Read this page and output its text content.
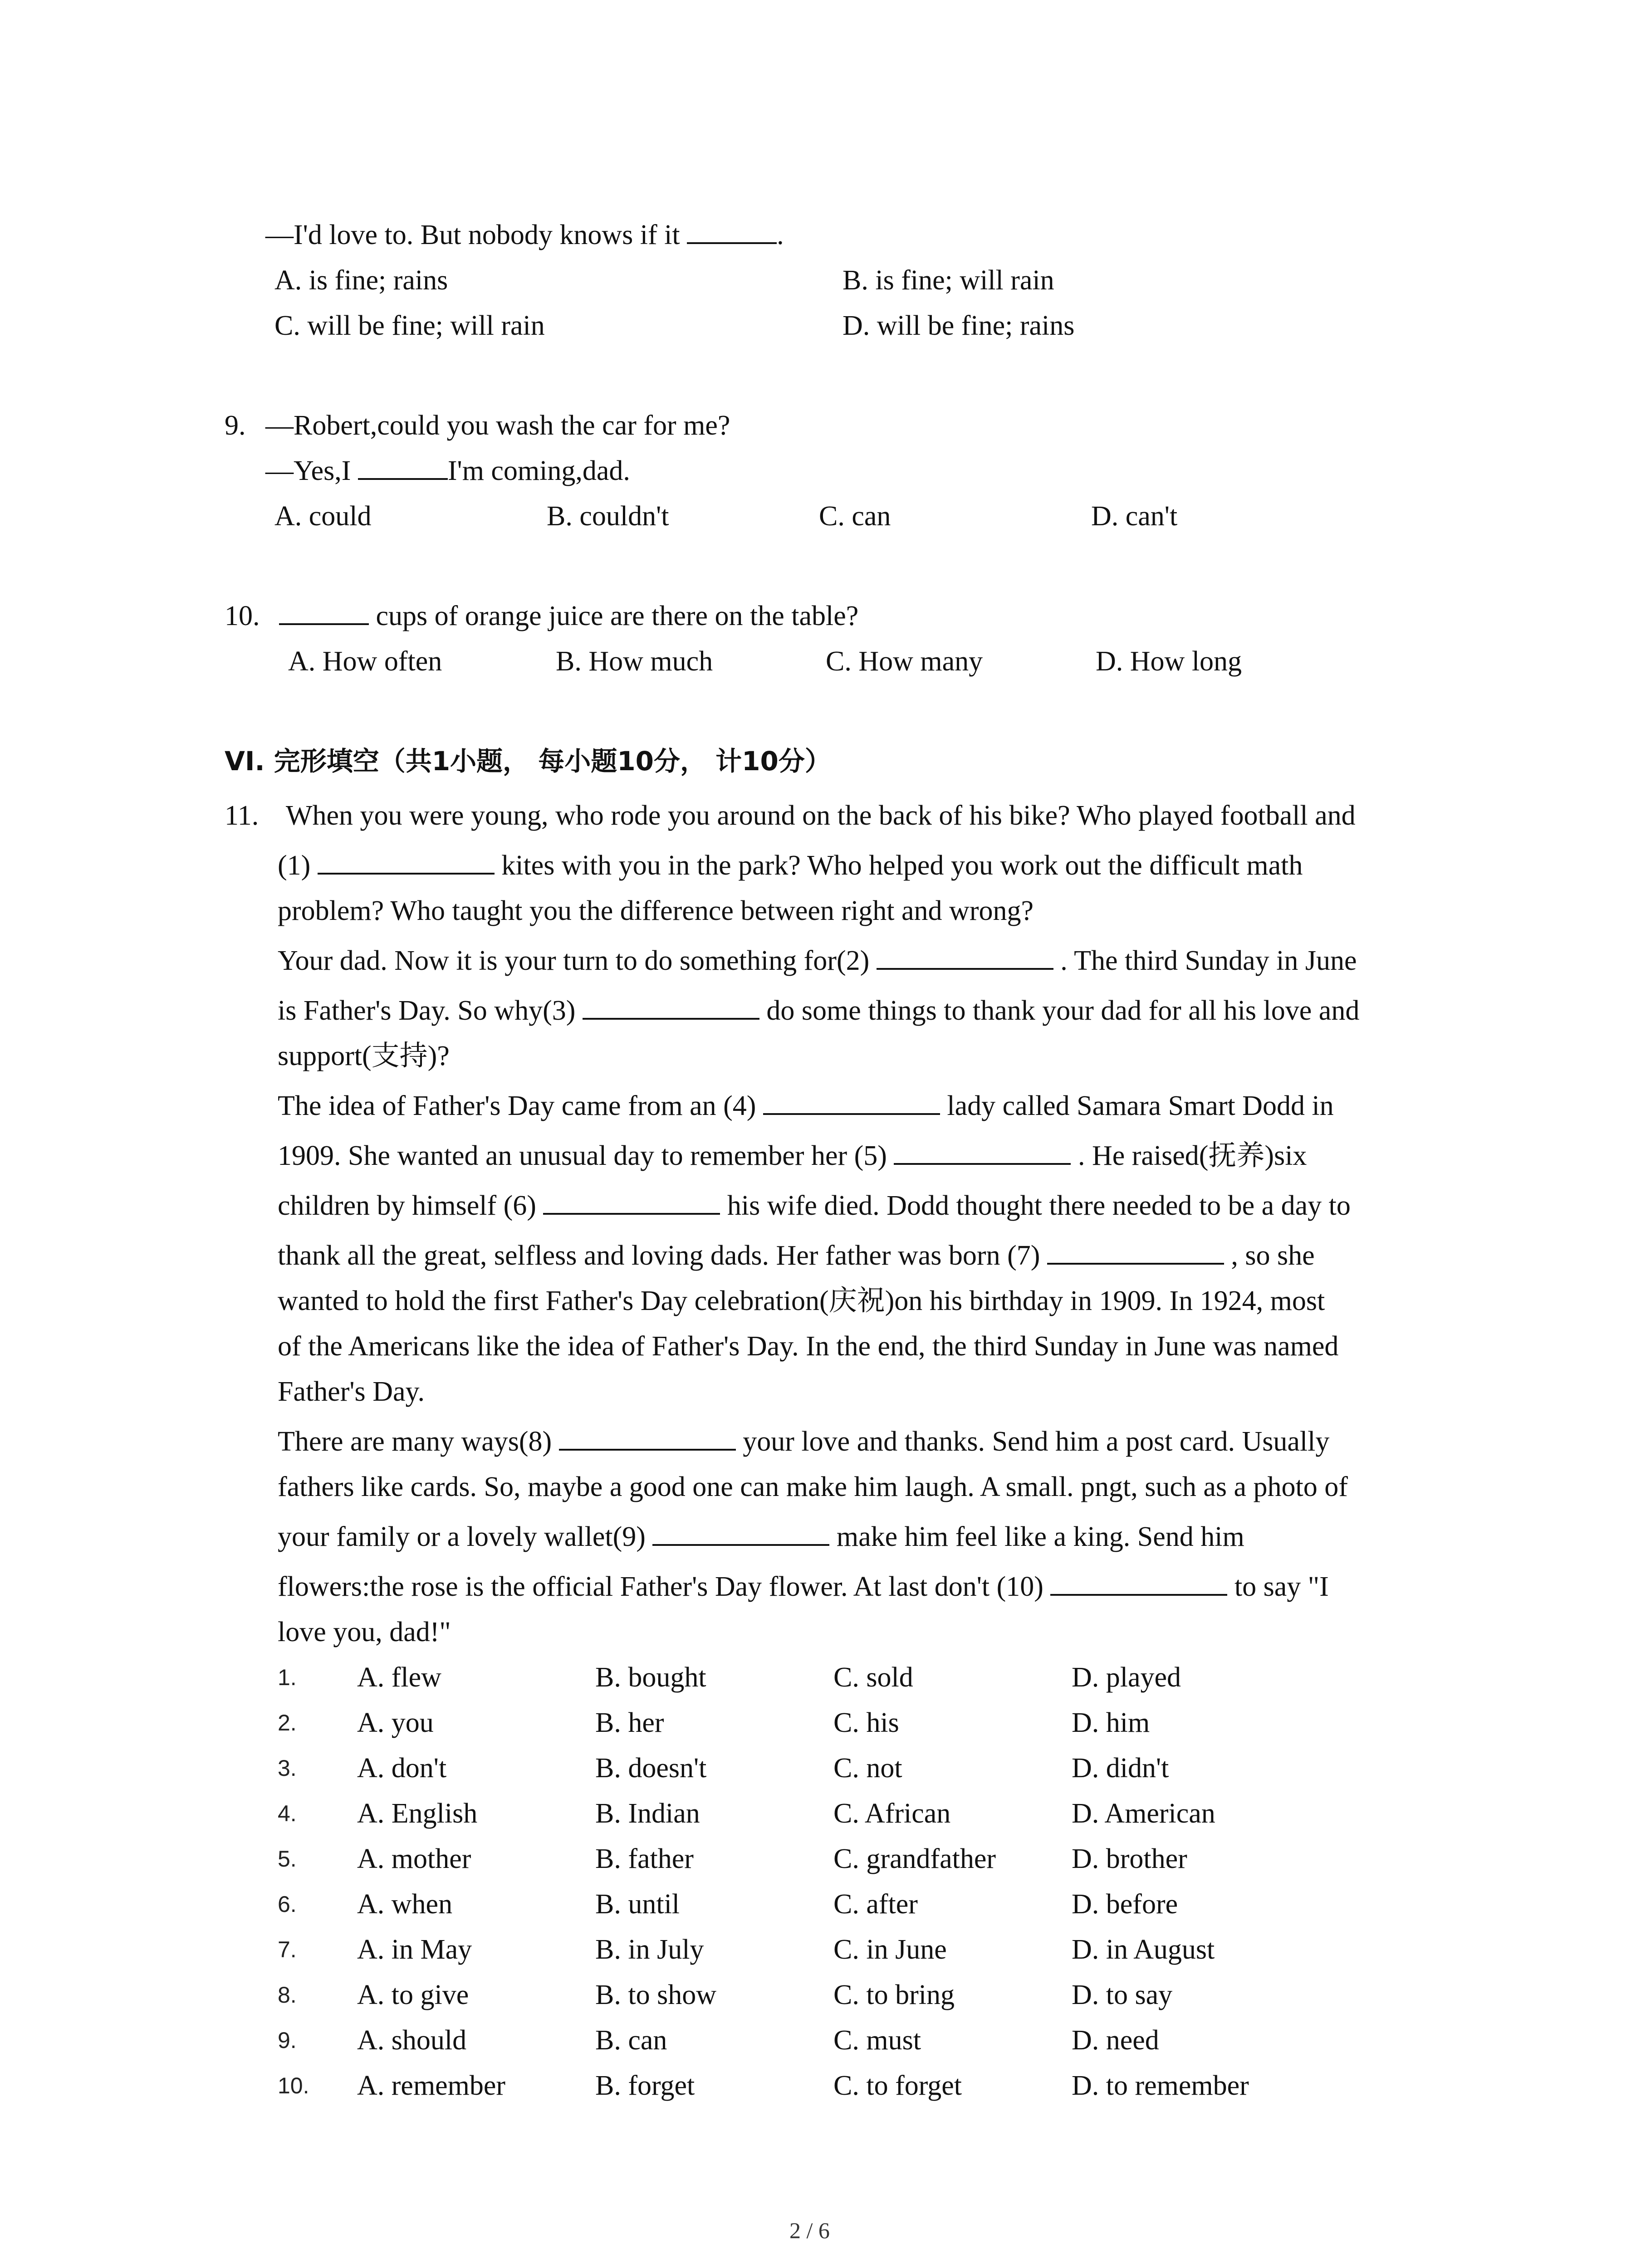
—I'd love to. But nobody knows if it	.
A. is fine; rains	B. is fine; will rain
C. will be fine; will rain	D. will be fine; rains
9. —Robert,could you wash the car for me?
—Yes,I	I'm coming,dad.
A. could	B. couldn't	C. can	D. can't
10.	cups of orange juice are there on the table?
A. How often	B. How much	C. How many	D. How long
VI. 完形填空（共1小题， 每小题10分， 计10分）
11. When you were young, who rode you around on the back of his bike? Who played football and
(1)	kites with you in the park? Who helped you work out the difficult math
problem? Who taught you the difference between right and wrong?
Your dad. Now it is your turn to do something for(2)	. The third Sunday in June
is Father's Day. So why(3)	do some things to thank your dad for all his love and
support(支持)?
The idea of Father's Day came from an (4)	lady called Samara Smart Dodd in
1909. She wanted an unusual day to remember her (5)	. He raised(抚养)six
children by himself (6)	his wife died. Dodd thought there needed to be a day to
thank all the great, selfless and loving dads. Her father was born (7)	, so she
wanted to hold the first Father's Day celebration(庆祝)on his birthday in 1909. In 1924, most
of the Americans like the idea of Father's Day. In the end, the third Sunday in June was named
Father's Day.
There are many ways(8)	your love and thanks. Send him a post card. Usually
fathers like cards. So, maybe a good one can make him laugh. A small. pngt, such as a photo of
your family or a lovely wallet(9)	make him feel like a king. Send him
flowers:the rose is the official Father's Day flower. At last don't (10)	to say "I
love you, dad!"
1. A. flew	B. bought	C. sold	D. played
2. A. you	B. her	C. his	D. him
3. A. don't	B. doesn't	C. not	D. didn't
4. A. English	B. Indian	C. African	D. American
5. A. mother	B. father	C. grandfather	D. brother
6. A. when	B. until	C. after	D. before
7. A. in May	B. in July	C. in June	D. in August
8. A. to give	B. to show	C. to bring	D. to say
9. A. should	B. can	C. must	D. need
10. A. remember	B. forget	C. to forget	D. to remember
2 / 6
